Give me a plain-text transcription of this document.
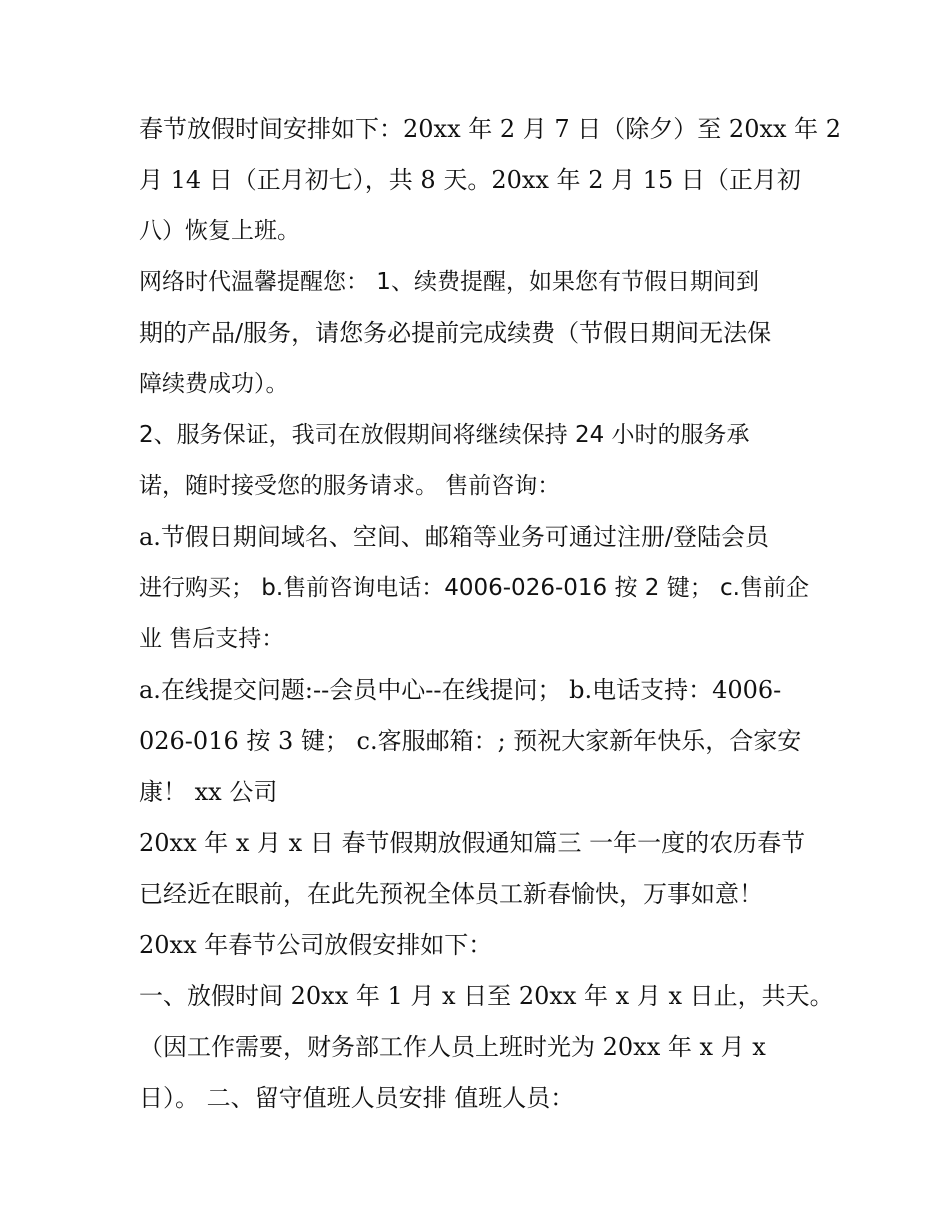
春节放假时间安排如下：20xx 年 2 月 7 日（除夕）至 20xx 年 2
月 14 日（正月初七），共 8 天。20xx 年 2 月 15 日（正月初
八）恢复上班。
网络时代温馨提醒您： 1、续费提醒，如果您有节假日期间到
期的产品/服务，请您务必提前完成续费（节假日期间无法保
障续费成功）。
2、服务保证，我司在放假期间将继续保持 24 小时的服务承
诺，随时接受您的服务请求。 售前咨询：
a.节假日期间域名、空间、邮箱等业务可通过注册/登陆会员
进行购买； b.售前咨询电话：4006-026-016 按 2 键； c.售前企
业 售后支持：
a.在线提交问题:--会员中心--在线提问； b.电话支持：4006-
026-016 按 3 键； c.客服邮箱：; 预祝大家新年快乐，合家安
康！ xx 公司
20xx 年 x 月 x 日 春节假期放假通知篇三 一年一度的农历春节
已经近在眼前，在此先预祝全体员工新春愉快，万事如意！
20xx 年春节公司放假安排如下：
一、放假时间 20xx 年 1 月 x 日至 20xx 年 x 月 x 日止，共天。
（因工作需要，财务部工作人员上班时光为 20xx 年 x 月 x
日）。 二、留守值班人员安排 值班人员：
